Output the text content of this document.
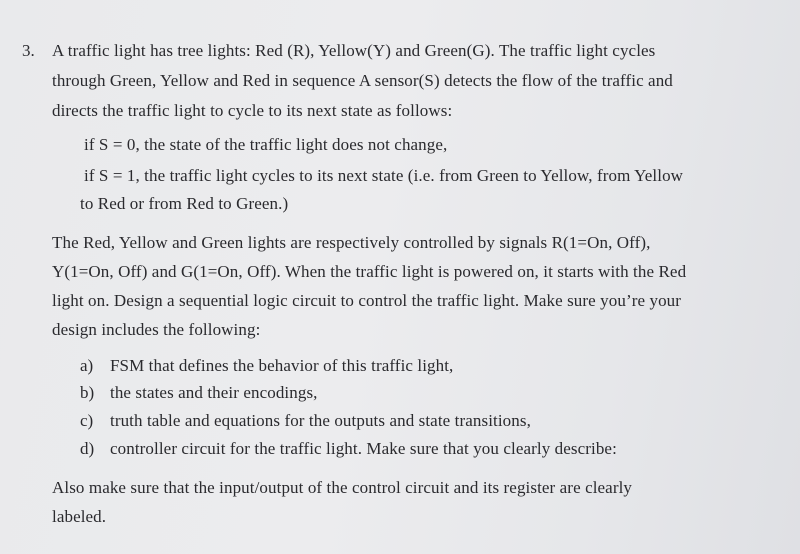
3. A traffic light has tree lights: Red (R), Yellow(Y) and Green(G). The traffic light cycles
through Green, Yellow and Red in sequence A sensor(S) detects the flow of the traffic and
directs the traffic light to cycle to its next state as follows:
if S = 0, the state of the traffic light does not change,
if S = 1, the traffic light cycles to its next state (i.e. from Green to Yellow, from Yellow
to Red or from Red to Green.)
The Red, Yellow and Green lights are respectively controlled by signals R(1=On, Off),
Y(1=On, Off) and G(1=On, Off). When the traffic light is powered on, it starts with the Red
light on. Design a sequential logic circuit to control the traffic light. Make sure you’re your
design includes the following:
a) FSM that defines the behavior of this traffic light,
b) the states and their encodings,
c) truth table and equations for the outputs and state transitions,
d) controller circuit for the traffic light. Make sure that you clearly describe:
Also make sure that the input/output of the control circuit and its register are clearly
labeled.
